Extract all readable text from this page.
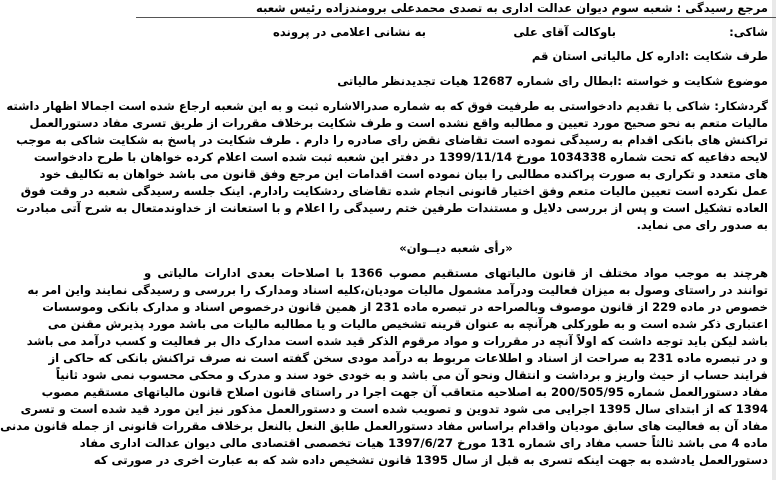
مرجع رسیدگی : شعبه سوم دیوان عدالت اداری به تصدی محمدعلی برومندزاده رئیس شعبه
شاکی:
باوکالت آقای علی
به نشانی اعلامی در پرونده
طرف شکایت :اداره کل مالیاتی استان قم
موضوع شکایت و خواسته :ابطال رای شماره 12687 هیات تجدیدنظر مالیاتی
گردشکار: شاکی با تقدیم دادخواستی به طرفیت فوق که به شماره صدرالاشاره ثبت و به این شعبه ارجاع شده است اجمالا اظهار داشته
مالیات متعم به نحو صحیح مورد تعیین و مطالبه واقع نشده است و طرف شکایت برخلاف مقررات از طریق تسری مفاد دستورالعمل
تراکنش های بانکی اقدام به رسیدگی نموده است تقاضای نقض رای صادره را دارم . طرف شکایت در پاسخ به شکایت شاکی به موجب
لایحه دفاعیه که تحت شماره 1034338 مورخ 1399/11/14 در دفتر این شعبه ثبت شده است اعلام کرده خواهان با طرح دادخواست
های متعدد و تکراری به صورت پراکنده مطالبی را بیان نموده است اقدامات این مرجع وفق قانون می باشد خواهان به تکالیف خود
عمل نکرده است تعیین مالیات متعم وفق اختیار قانونی انجام شده تقاضای ردشکایت رادارم. اینک جلسه رسیدگی شعبه در وقت فوق
العاده تشکیل است و پس از بررسی دلایل و مستندات طرفین ختم رسیدگی را اعلام و با استعانت از خداوندمتعال به شرح آتی مبادرت
به صدور رای می نماید.
«رأی شعبه دیــوان»
هرچند به موجب مواد مختلف از قانون مالیاتهای مستقیم مصوب 1366 با اصلاحات بعدی ادارات مالیاتی و
توانند در راستای وصول به میزان فعالیت ودرآمد مشمول مالیات مودیان،کلیه اسناد ومدارک را بررسی و رسیدگی نمایند واین امر به
خصوص در ماده 229 از قانون موصوف وبالصراحه در تبصره ماده 231 از همین قانون درخصوص اسناد و مدارک بانکی وموسسات
اعتباری ذکر شده است و به طورکلی هرآنچه به عنوان قرینه تشخیص مالیات و یا مطالبه مالیات می باشد مورد پذیرش مقنن می
باشد لیکن باید توجه داشت که اولاً آنچه در مقررات و مواد مرقوم الذکر قید شده است مدارک دال بر فعالیت و کسب درآمد می باشد
و در تبصره ماده 231 به صراحت از اسناد و اطلاعات مربوط به درآمد مودی سخن گفته است نه صرف تراکنش بانکی که حاکی از
فرایند حساب از حیث واریز و برداشت و انتقال ونحو آن می باشد و به خودی خود سند و مدرک و محکی محسوب نمی شود ثانیاً
مفاد دستورالعمل شماره 200/505/95 به اصلاحیه متعاقب آن جهت اجرا در راستای قانون اصلاح قانون مالیاتهای مستقیم مصوب
1394 که از ابتدای سال 1395 اجرایی می شود تدوین و تصویب شده است و دستورالعمل مذکور نیز این مورد قید شده است و تسری
مفاد آن به فعالیت های سابق مودیان واقدام براساس مفاد دستورالعمل طابق النعل بالنعل برخلاف مقررات قانونی از جمله قانون مدنی
ماده 4 می باشد ثالثاً حسب مفاد رای شماره 131 مورخ 1397/6/27 هیات تخصصی اقتصادی مالی دیوان عدالت اداری مفاد
دستورالعمل یادشده به جهت اینکه تسری به قبل از سال 1395 قانون تشخیص داده شد که به عبارت اخری در صورتی که
